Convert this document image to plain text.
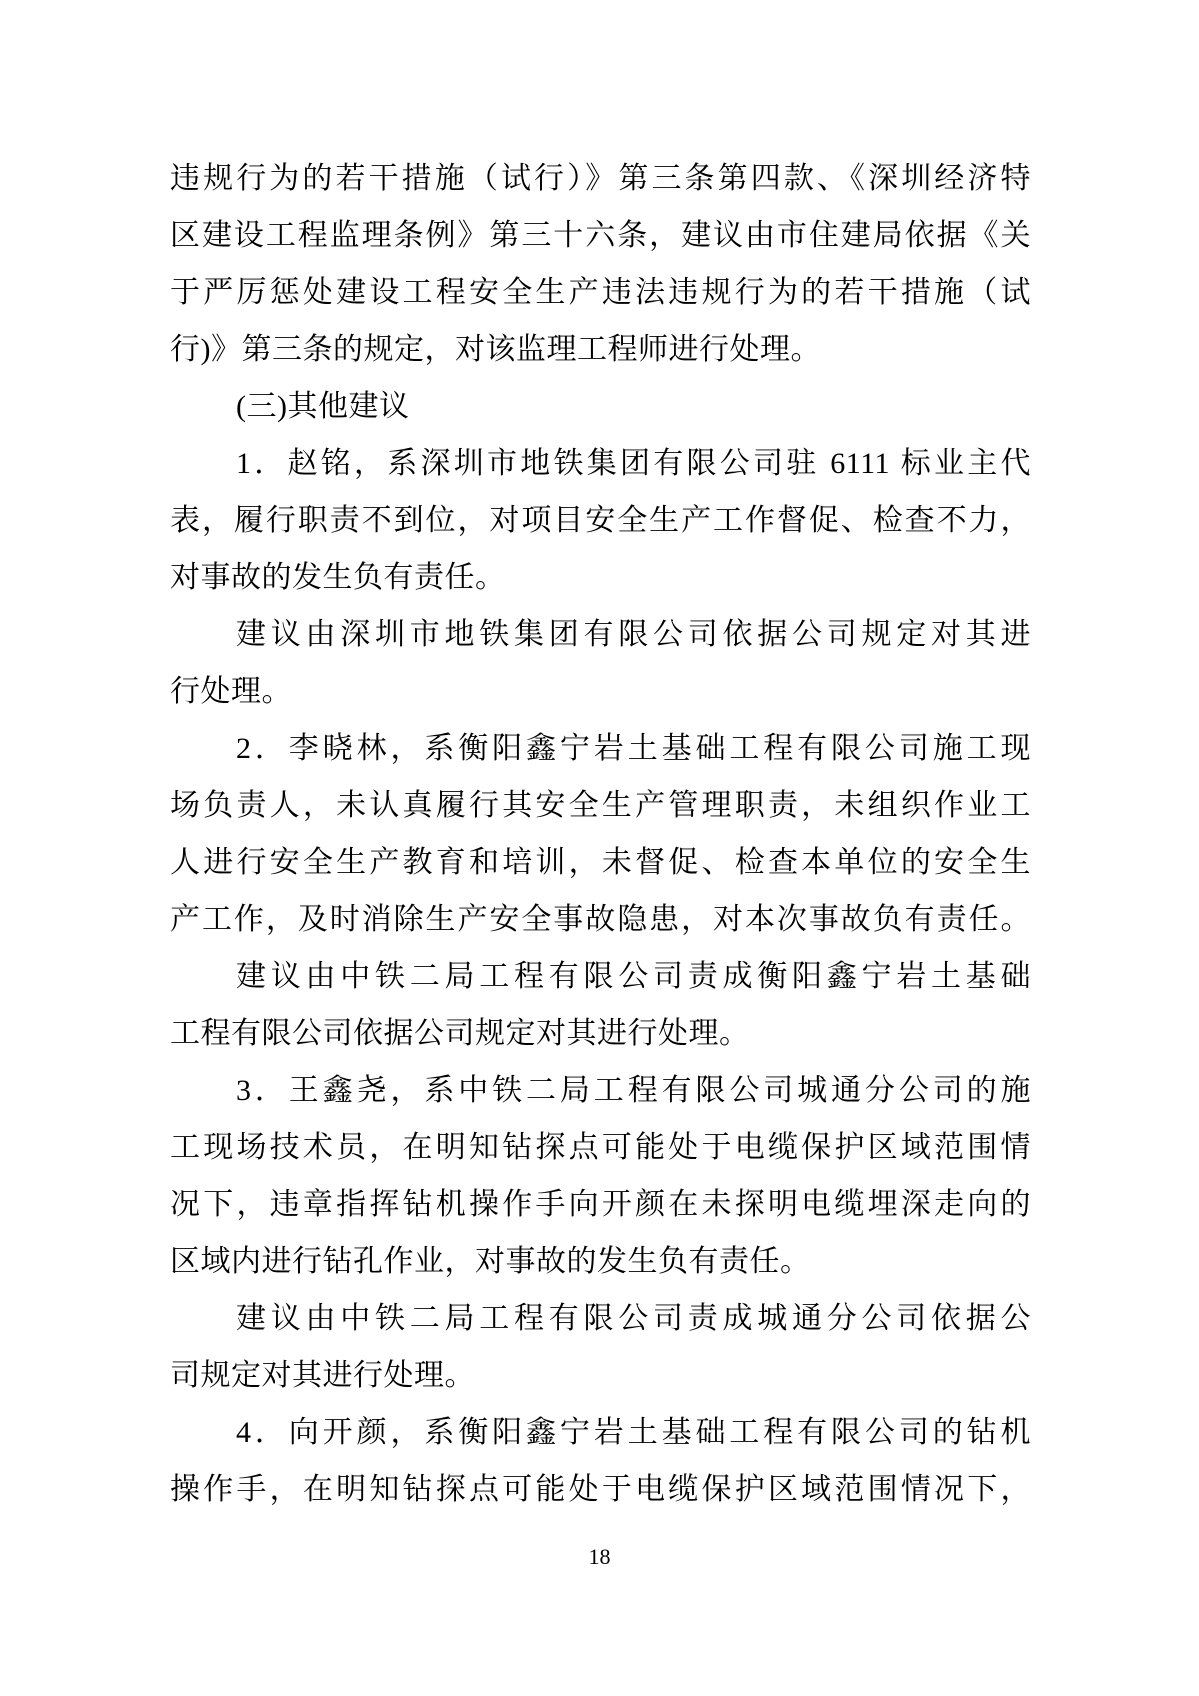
违规行为的若干措施（试行）》第三条第四款、《深圳经济特

区建设工程监理条例》第三十六条，建议由市住建局依据《关

于严厉惩处建设工程安全生产违法违规行为的若干措施（试

行)》第三条的规定，对该监理工程师进行处理。

(三)其他建议

1．赵铭，系深圳市地铁集团有限公司驻 6111 标业主代

表，履行职责不到位，对项目安全生产工作督促、检查不力，

对事故的发生负有责任。

建议由深圳市地铁集团有限公司依据公司规定对其进

行处理。

2．李晓林，系衡阳鑫宁岩土基础工程有限公司施工现

场负责人，未认真履行其安全生产管理职责，未组织作业工

人进行安全生产教育和培训，未督促、检查本单位的安全生

产工作，及时消除生产安全事故隐患，对本次事故负有责任。

建议由中铁二局工程有限公司责成衡阳鑫宁岩土基础

工程有限公司依据公司规定对其进行处理。

3．王鑫尧，系中铁二局工程有限公司城通分公司的施

工现场技术员，在明知钻探点可能处于电缆保护区域范围情

况下，违章指挥钻机操作手向开颜在未探明电缆埋深走向的

区域内进行钻孔作业，对事故的发生负有责任。

建议由中铁二局工程有限公司责成城通分公司依据公

司规定对其进行处理。

4．向开颜，系衡阳鑫宁岩土基础工程有限公司的钻机

操作手，在明知钻探点可能处于电缆保护区域范围情况下，

18
